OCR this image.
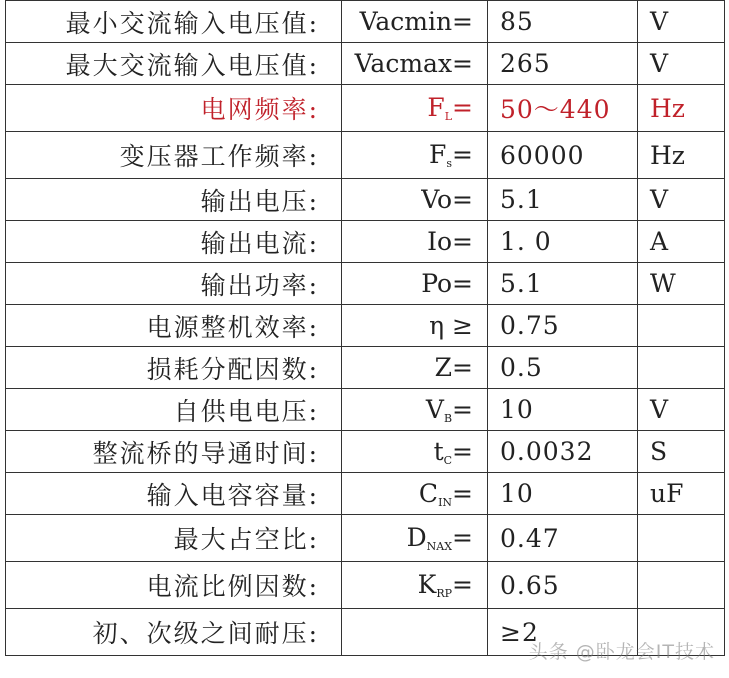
最小交流输入电压值:	Vacmin=	85	V
最大交流输入电压值:	Vacmax=	265	V
电网频率:	$F_L=$	50～440	Hz
变压器工作频率:	$F_s=$	60000	Hz
输出电压:	Vo=	5.1	V
输出电流:	Io=	1. 0	A
输出功率:	Po=	5.1	W
电源整机效率:	η ≥	0.75	
损耗分配因数:	Z=	0.5	
自供电电压:	$V_B=$	10	V
整流桥的导通时间:	$t_C=$	0.0032	S
输入电容容量:	$C_{IN}=$	10	uF
最大占空比:	$D_{NAX}=$	0.47	
电流比例因数:	$K_{RP}=$	0.65	
初、次级之间耐压:		≥2	
头条 @卧龙会IT技术
